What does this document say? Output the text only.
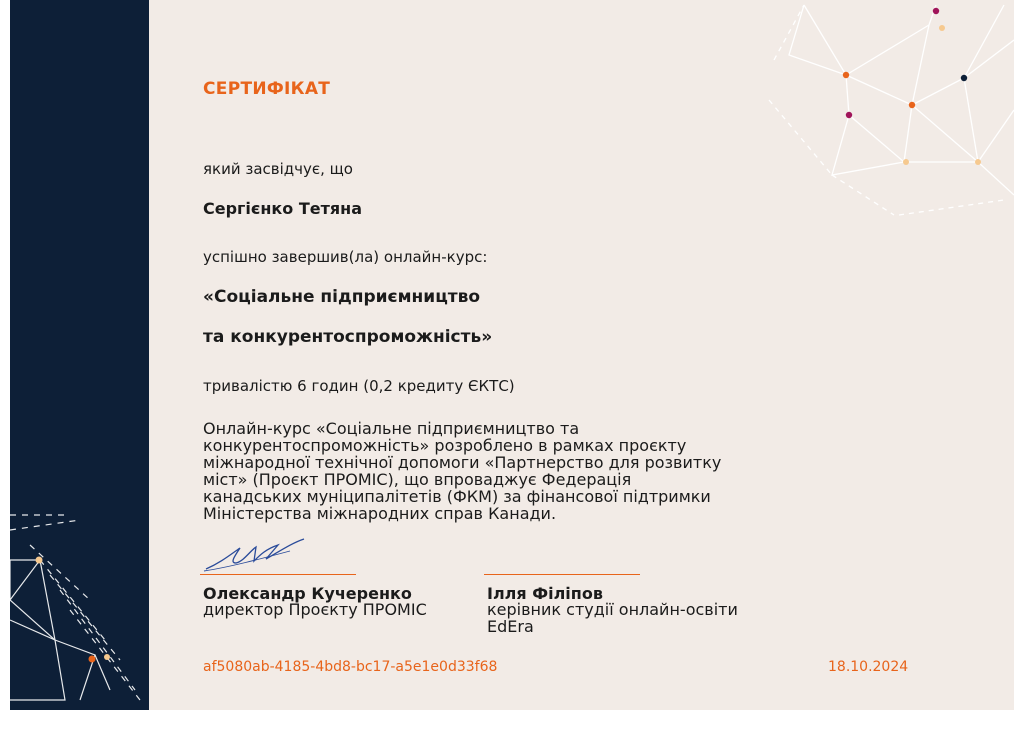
СЕРТИФІКАТ

який засвідчує, що

Сергієнко Тетяна

успішно завершив(ла) онлайн-курс:

«Соціальне підприємництво

та конкурентоспроможність»

тривалістю 6 годин (0,2 кредиту ЄКТС)

Онлайн-курс «Соціальне підприємництво та
конкурентоспроможність» розроблено в рамках проєкту
міжнародної технічної допомоги «Партнерство для розвитку
міст» (Проєкт ПРОМІС), що впроваджує Федерація
канадських муніципалітетів (ФКМ) за фінансової підтримки
Міністерства міжнародних справ Канади.
Олександр Кучеренко
директор Проєкту ПРОМІС
Ілля Філіпов
керівник студії онлайн-освіти
EdEra
af5080ab-4185-4bd8-bc17-a5e1e0d33f68	18.10.2024
